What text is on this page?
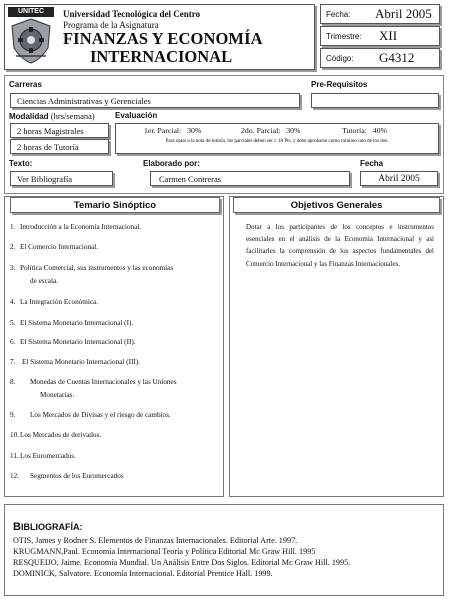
UNITEC	Universidad Tecnológica del Centro
Programa de la Asignatura
FINANZAS Y ECONOMÍA
INTERNACIONAL
Fecha: Abril 2005
Trimestre: XII
Código: G4312
Carreras	Pre-Requisitos
Ciencias Administrativas y Gerenciales
Modalidad (hrs/semana)	Evaluación
2 horas Magistrales
2 horas de Tutoría
1er. Parcial:   30%	2do. Parcial:   30%	Tutoría:   40%
Para optar a la nota de tutoría, los parciales deben ser ≥ 18 Pts. y debe aprobarse como mínimo uno de los dos.
Texto:	Elaborado por:	Fecha
Ver Bibliografía	Carmen Contreras	Abril 2005
Temario Sinóptico
1. Introducción a la Economía Internacional.
2. El Comercio Internacional.
3. Política Comercial, sus instrumentos y las economías
de escala.
4. La Integración Económica.
5. El Sistema Monetario Internacional (I).
6. El Sistema Monetario Internacional (II).
7. El Sistema Monetario Internacional (III).
8. Monedas de Cuentas Internacionales y las Uniones
Monetarias.
9. Los Mercados de Divisas y el riesgo de cambios.
10. Los Mercados de derivados.
11. Los Euromercados.
12. Segmentos de los Euromercados
Objetivos Generales
Dotar a los participantes de los conceptos e instrumentos esenciales en el análisis de la Economía Internacional y así facilitarles la comprensión de los aspectos fundamentales del Comercio Internacional y las Finanzas Internacionales.
BIBLIOGRAFÍA:
OTIS, James y Rodner S. Elementos de Finanzas Internacionales. Editorial Arte. 1997.
KRUGMANN,Paul. Economía Internacional Teoría y Política Editorial Mc Graw Hill. 1995
RESQUEIJO, Jaime. Economía Mundial. Un Análisis Entre Dos Siglos. Editorial Mc Graw Hill. 1995.
DOMINICK, Salvatore. Economía Internacional. Editorial Prentice Hall. 1999.
